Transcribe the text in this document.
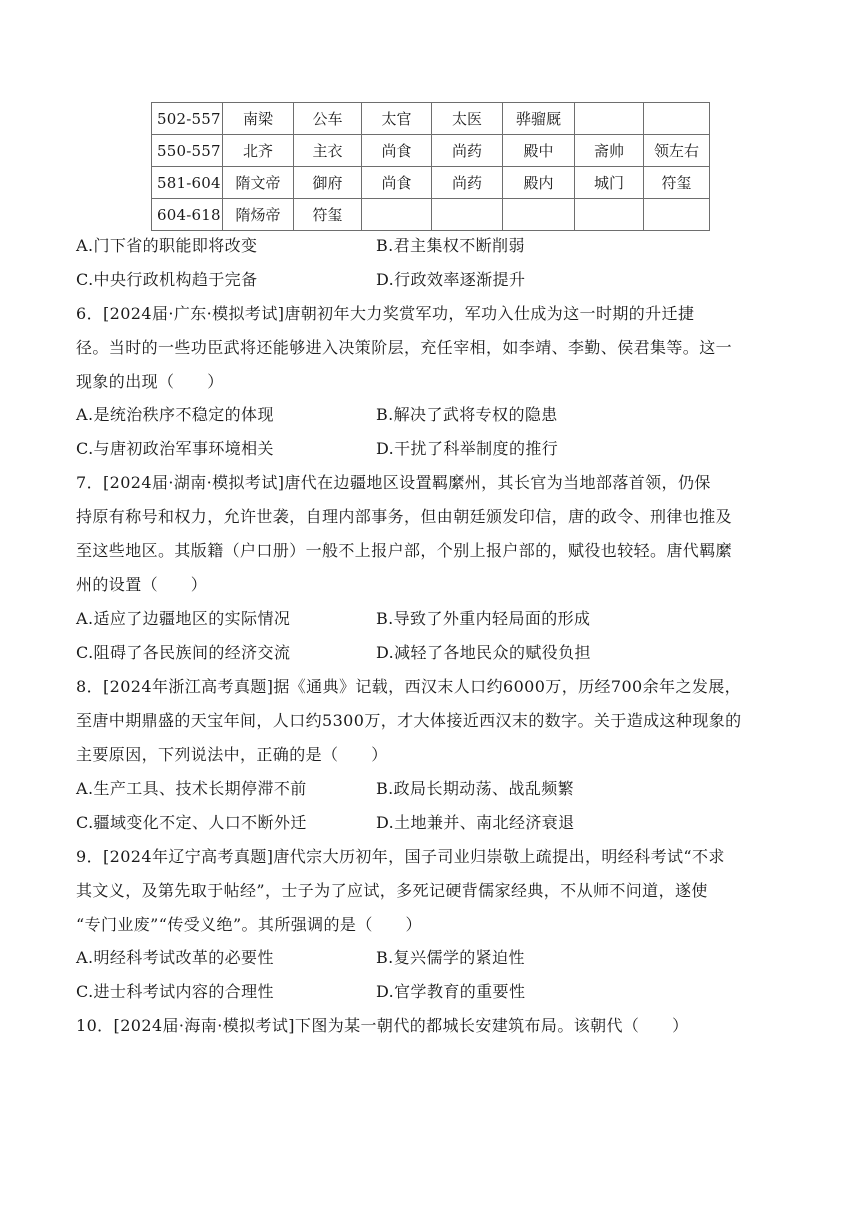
502-557	南梁	公车	太官	太医	骅骝厩		
550-557	北齐	主衣	尚食	尚药	殿中	斋帅	领左右
581-604	隋文帝	御府	尚食	尚药	殿内	城门	符玺
604-618	隋炀帝	符玺					
A.门下省的职能即将改变	B.君主集权不断削弱
C.中央行政机构趋于完备	D.行政效率逐渐提升
6．[2024届·广东·模拟考试]唐朝初年大力奖赏军功，军功入仕成为这一时期的升迁捷
径。当时的一些功臣武将还能够进入决策阶层，充任宰相，如李靖、李勤、侯君集等。这一
现象的出现（　　）
A.是统治秩序不稳定的体现	B.解决了武将专权的隐患
C.与唐初政治军事环境相关	D.干扰了科举制度的推行
7．[2024届·湖南·模拟考试]唐代在边疆地区设置羁縻州，其长官为当地部落首领，仍保
持原有称号和权力，允许世袭，自理内部事务，但由朝廷颁发印信，唐的政令、刑律也推及
至这些地区。其版籍（户口册）一般不上报户部，个别上报户部的，赋役也较轻。唐代羁縻
州的设置（　　）
A.适应了边疆地区的实际情况	B.导致了外重内轻局面的形成
C.阻碍了各民族间的经济交流	D.减轻了各地民众的赋役负担
8．[2024年浙江高考真题]据《通典》记载，西汉末人口约6000万，历经700余年之发展，
至唐中期鼎盛的天宝年间，人口约5300万，才大体接近西汉末的数字。关于造成这种现象的
主要原因，下列说法中，正确的是（　　）
A.生产工具、技术长期停滞不前	B.政局长期动荡、战乱频繁
C.疆域变化不定、人口不断外迁	D.土地兼并、南北经济衰退
9．[2024年辽宁高考真题]唐代宗大历初年，国子司业归崇敬上疏提出，明经科考试“不求
其文义，及第先取于帖经”，士子为了应试，多死记硬背儒家经典，不从师不问道，遂使
“专门业废”“传受义绝”。其所强调的是（　　）
A.明经科考试改革的必要性	B.复兴儒学的紧迫性
C.进士科考试内容的合理性	D.官学教育的重要性
10．[2024届·海南·模拟考试]下图为某一朝代的都城长安建筑布局。该朝代（　　）
